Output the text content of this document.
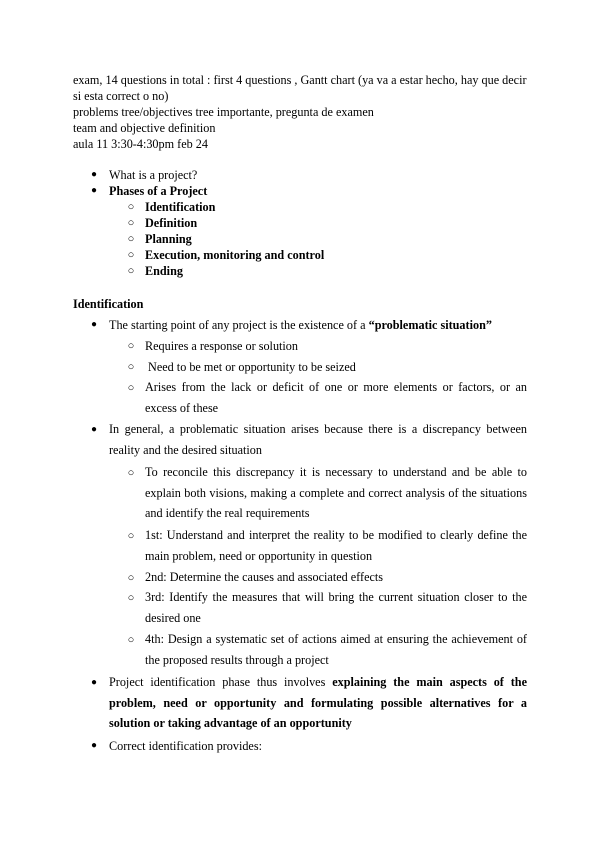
exam, 14 questions in total : first 4 questions , Gantt chart (ya va a estar hecho, hay que decir
si esta correct o no)
problems tree/objectives tree importante, pregunta de examen
team and objective definition
aula 11 3:30-4:30pm feb 24
● What is a project?
● Phases of a Project
○ Identification
○ Definition
○ Planning
○ Execution, monitoring and control
○ Ending
Identification
● The starting point of any project is the existence of a “problematic situation”
○ Requires a response or solution
○ Need to be met or opportunity to be seized
○ Arises from the lack or deficit of one or more elements or factors, or an excess of these
● In general, a problematic situation arises because there is a discrepancy between reality and the desired situation
○ To reconcile this discrepancy it is necessary to understand and be able to explain both visions, making a complete and correct analysis of the situations and identify the real requirements
○ 1st: Understand and interpret the reality to be modified to clearly define the main problem, need or opportunity in question
○ 2nd: Determine the causes and associated effects
○ 3rd: Identify the measures that will bring the current situation closer to the desired one
○ 4th: Design a systematic set of actions aimed at ensuring the achievement of the proposed results through a project
● Project identification phase thus involves explaining the main aspects of the problem, need or opportunity and formulating possible alternatives for a solution or taking advantage of an opportunity
● Correct identification provides:
